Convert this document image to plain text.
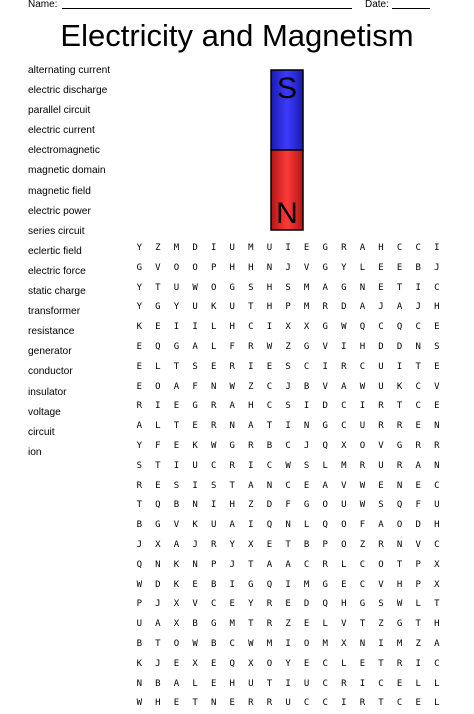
Name:	Date:
Electricity and Magnetism
alternating current
electric discharge
parallel circuit
electric current
electromagnetic
magnetic domain
magnetic field
electric power
series circuit
eclertic field
electric force
static charge
transformer
resistance
generator
conductor
insulator
voltage
circuit
ion
S
N
Y	Z	M	D	I	U	M	U	I	E	G	R	A	H	C	C	I
G	V	O	O	P	H	H	N	J	V	G	Y	L	E	E	B	J
Y	T	U	W	O	G	S	H	S	M	A	G	N	E	T	I	C
Y	G	Y	U	K	U	T	H	P	M	R	D	A	J	A	J	H
K	E	I	I	L	H	C	I	X	X	G	W	Q	C	Q	C	E
E	Q	G	A	L	F	R	W	Z	G	V	I	H	D	D	N	S
E	L	T	S	E	R	I	E	S	C	I	R	C	U	I	T	E
E	O	A	F	N	W	Z	C	J	B	V	A	W	U	K	C	V
R	I	E	G	R	A	H	C	S	I	D	C	I	R	T	C	E
A	L	T	E	R	N	A	T	I	N	G	C	U	R	R	E	N
Y	F	E	K	W	G	R	B	C	J	Q	X	O	V	G	R	R
S	T	I	U	C	R	I	C	W	S	L	M	R	U	R	A	N
R	E	S	I	S	T	A	N	C	E	A	V	W	E	N	E	C
T	Q	B	N	I	H	Z	D	F	G	O	U	W	S	Q	F	U
B	G	V	K	U	A	I	Q	N	L	Q	O	F	A	O	D	H
J	X	A	J	R	Y	X	E	T	B	P	O	Z	R	N	V	C
Q	N	K	N	P	J	T	A	A	C	R	L	C	O	T	P	X
W	D	K	E	B	I	G	Q	I	M	G	E	C	V	H	P	X
P	J	X	V	C	E	Y	R	E	D	Q	H	G	S	W	L	T
U	A	X	B	G	M	T	R	Z	E	L	V	T	Z	G	T	H
B	T	O	W	B	C	W	M	I	O	M	X	N	I	M	Z	A
K	J	E	X	E	Q	X	O	Y	E	C	L	E	T	R	I	C
N	B	A	L	E	H	U	T	I	U	C	R	I	C	E	L	L
W	H	E	T	N	E	R	R	U	C	C	I	R	T	C	E	L
